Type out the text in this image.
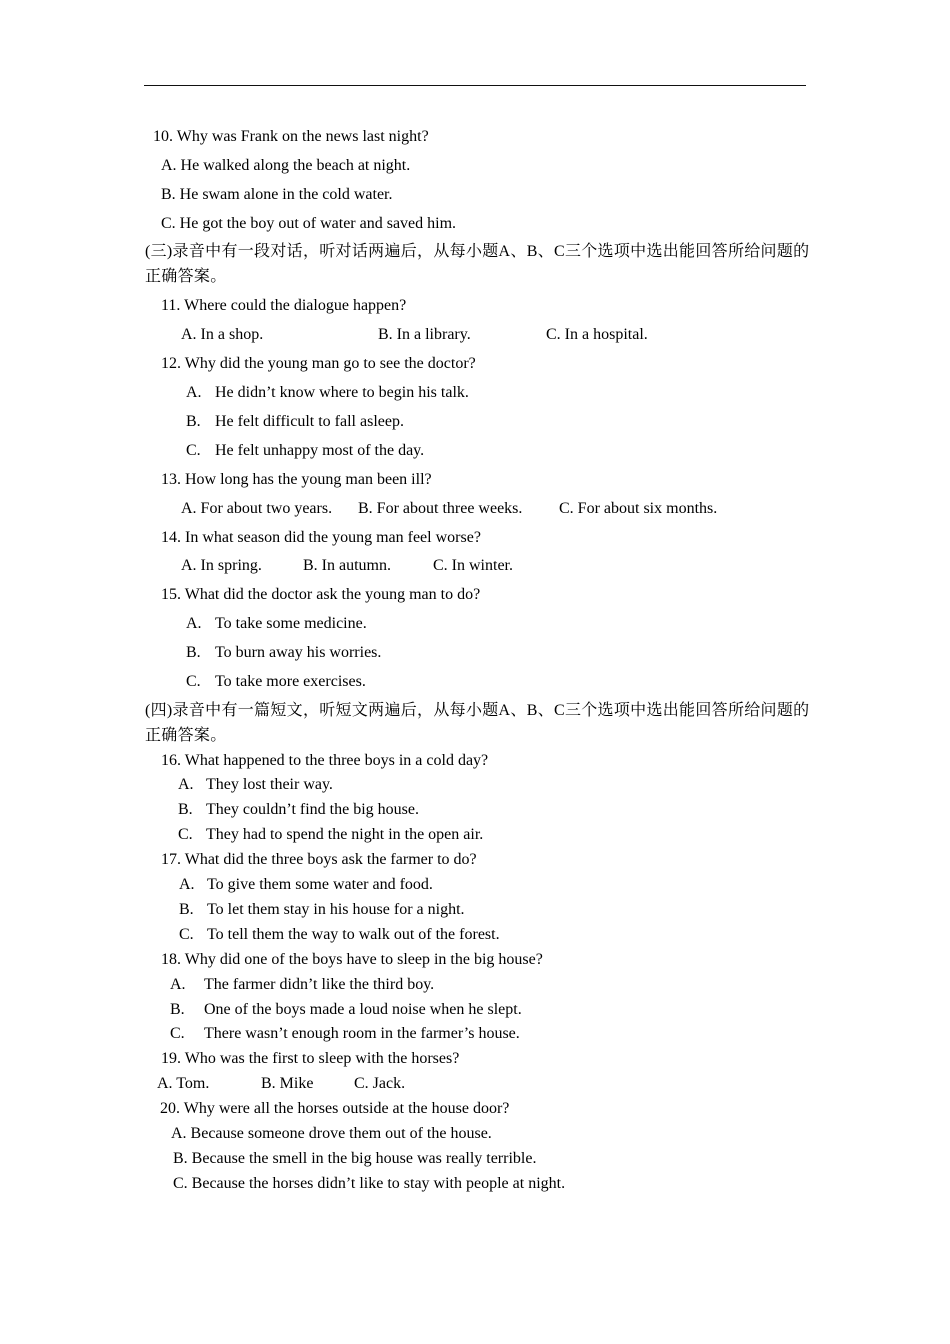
10. Why was Frank on the news last night?
A. He walked along the beach at night.
B. He swam alone in the cold water.
C. He got the boy out of water and saved him.
(三)录音中有一段对话，听对话两遍后，从每小题A、B、C三个选项中选出能回答所给问题的
正确答案。
11. Where could the dialogue happen?
A. In a shop.	B. In a library.	C. In a hospital.
12. Why did the young man go to see the doctor?
A. He didn’t know where to begin his talk.
B. He felt difficult to fall asleep.
C. He felt unhappy most of the day.
13. How long has the young man been ill?
A. For about two years. B. For about three weeks. C. For about six months.
14. In what season did the young man feel worse?
A. In spring.	B. In autumn.	C. In winter.
15. What did the doctor ask the young man to do?
A. To take some medicine.
B. To burn away his worries.
C. To take more exercises.
(四)录音中有一篇短文，听短文两遍后，从每小题A、B、C三个选项中选出能回答所给问题的
正确答案。
16. What happened to the three boys in a cold day?
A. They lost their way.
B. They couldn’t find the big house.
C. They had to spend the night in the open air.
17. What did the three boys ask the farmer to do?
A. To give them some water and food.
B. To let them stay in his house for a night.
C. To tell them the way to walk out of the forest.
18. Why did one of the boys have to sleep in the big house?
A. The farmer didn’t like the third boy.
B. One of the boys made a loud noise when he slept.
C. There wasn’t enough room in the farmer’s house.
19. Who was the first to sleep with the horses?
A. Tom.	B. Mike	C. Jack.
20. Why were all the horses outside at the house door?
A. Because someone drove them out of the house.
B. Because the smell in the big house was really terrible.
C. Because the horses didn’t like to stay with people at night.
